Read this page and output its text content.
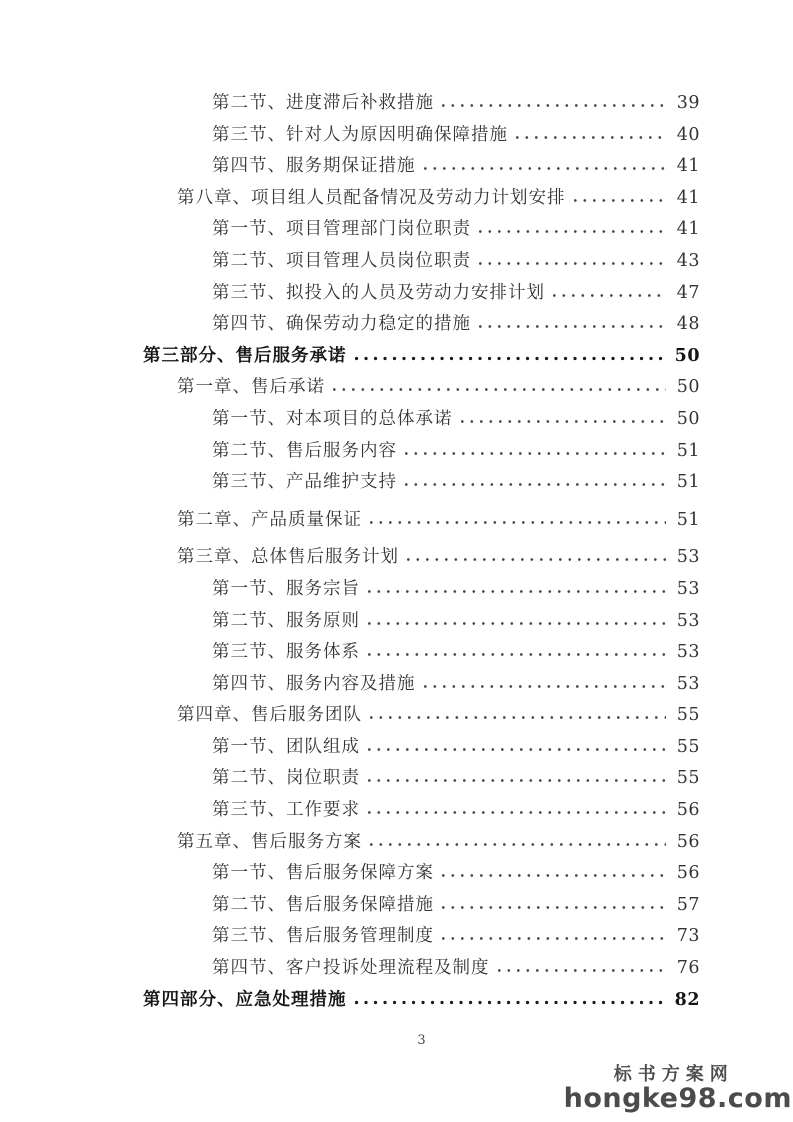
第二节、进度滞后补救措施	39
第三节、针对人为原因明确保障措施	40
第四节、服务期保证措施	41
第八章、项目组人员配备情况及劳动力计划安排	41
第一节、项目管理部门岗位职责	41
第二节、项目管理人员岗位职责	43
第三节、拟投入的人员及劳动力安排计划	47
第四节、确保劳动力稳定的措施	48
第三部分、售后服务承诺	50
第一章、售后承诺	50
第一节、对本项目的总体承诺	50
第二节、售后服务内容	51
第三节、产品维护支持	51
第二章、产品质量保证	51
第三章、总体售后服务计划	53
第一节、服务宗旨	53
第二节、服务原则	53
第三节、服务体系	53
第四节、服务内容及措施	53
第四章、售后服务团队	55
第一节、团队组成	55
第二节、岗位职责	55
第三节、工作要求	56
第五章、售后服务方案	56
第一节、售后服务保障方案	56
第二节、售后服务保障措施	57
第三节、售后服务管理制度	73
第四节、客户投诉处理流程及制度	76
第四部分、应急处理措施	82
3
标书方案网
hongke98.com
